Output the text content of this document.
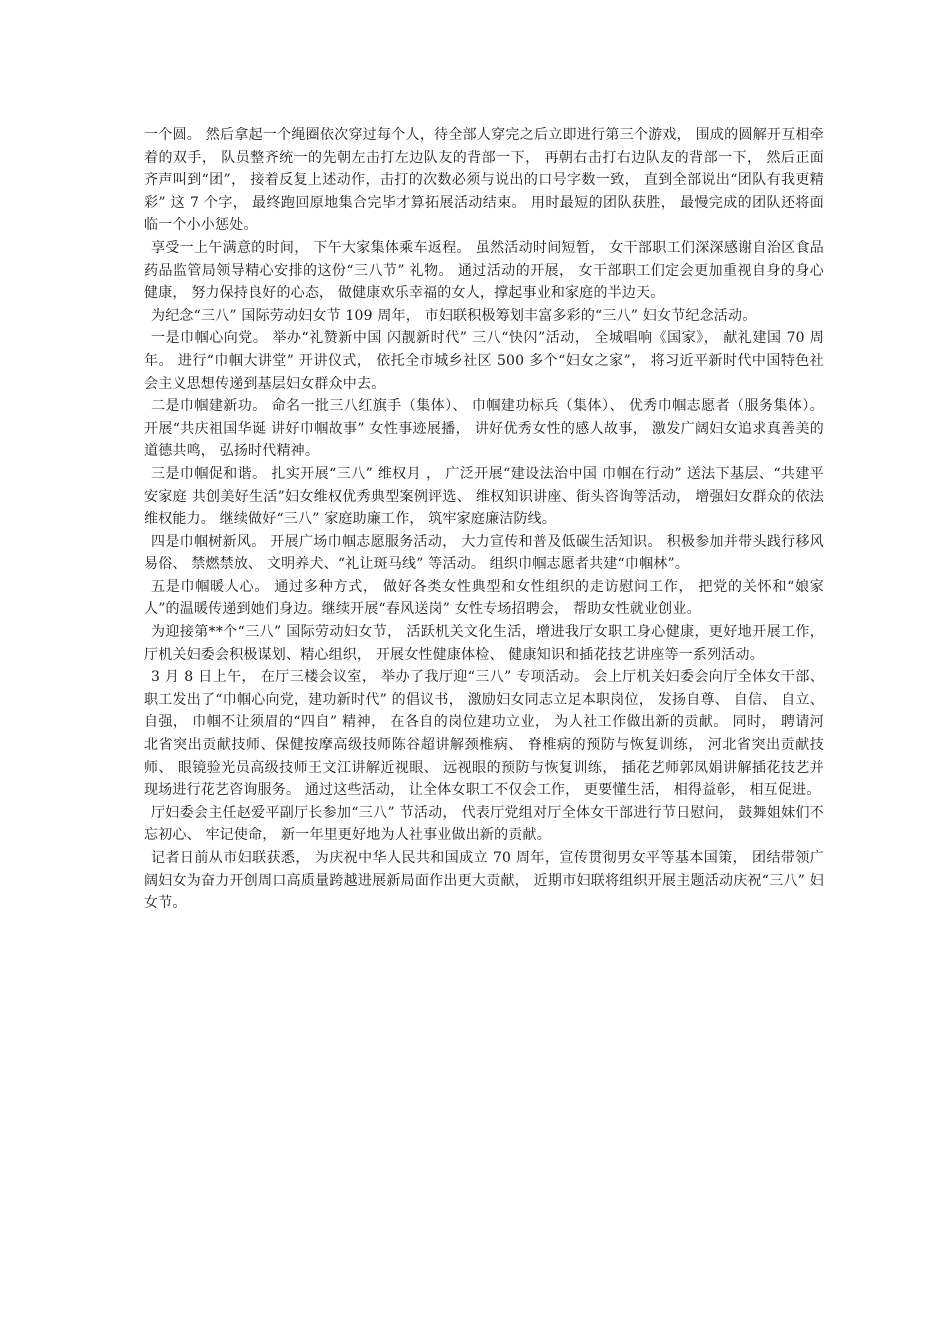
一个圆。 然后拿起一个绳圈依次穿过每个人，待全部人穿完之后立即进行第三个游戏， 围成的圆解开互相牵着的双手， 队员整齐统一的先朝左击打左边队友的背部一下， 再朝右击打右边队友的背部一下， 然后正面齐声叫到“团”， 接着反复上述动作，击打的次数必须与说出的口号字数一致， 直到全部说出“团队有我更精彩” 这 7 个字， 最终跑回原地集合完毕才算拓展活动结束。 用时最短的团队获胜， 最慢完成的团队还将面临一个小小惩处。

享受一上午满意的时间， 下午大家集体乘车返程。 虽然活动时间短暂， 女干部职工们深深感谢自治区食品药品监管局领导精心安排的这份“三八节” 礼物。 通过活动的开展， 女干部职工们定会更加重视自身的身心健康， 努力保持良好的心态， 做健康欢乐幸福的女人，撑起事业和家庭的半边天。

为纪念“三八” 国际劳动妇女节 109 周年， 市妇联积极筹划丰富多彩的“三八” 妇女节纪念活动。

一是巾帼心向党。 举办“礼赞新中国 闪靓新时代” 三八“快闪”活动， 全城唱响《国家》， 献礼建国 70 周年。 进行“巾帼大讲堂” 开讲仪式， 依托全市城乡社区 500 多个“妇女之家”， 将习近平新时代中国特色社会主义思想传递到基层妇女群众中去。

二是巾帼建新功。 命名一批三八红旗手（集体）、 巾帼建功标兵（集体）、 优秀巾帼志愿者（服务集体）。 开展“共庆祖国华诞 讲好巾帼故事” 女性事迹展播， 讲好优秀女性的感人故事， 激发广阔妇女追求真善美的道德共鸣， 弘扬时代精神。

三是巾帼促和谐。 扎实开展“三八” 维权月 ， 广泛开展“建设法治中国 巾帼在行动” 送法下基层、“共建平安家庭 共创美好生活”妇女维权优秀典型案例评选、 维权知识讲座、街头咨询等活动， 增强妇女群众的依法维权能力。 继续做好“三八” 家庭助廉工作， 筑牢家庭廉洁防线。

四是巾帼树新风。 开展广场巾帼志愿服务活动， 大力宣传和普及低碳生活知识。 积极参加并带头践行移风易俗、 禁燃禁放、 文明养犬、“礼让斑马线” 等活动。 组织巾帼志愿者共建“巾帼林”。

五是巾帼暖人心。 通过多种方式， 做好各类女性典型和女性组织的走访慰问工作， 把党的关怀和“娘家人”的温暖传递到她们身边。继续开展“春风送岗” 女性专场招聘会， 帮助女性就业创业。

为迎接第**个“三八” 国际劳动妇女节， 活跃机关文化生活，增进我厅女职工身心健康，更好地开展工作， 厅机关妇委会积极谋划、精心组织， 开展女性健康体检、 健康知识和插花技艺讲座等一系列活动。

3 月 8 日上午， 在厅三楼会议室， 举办了我厅迎“三八” 专项活动。 会上厅机关妇委会向厅全体女干部、 职工发出了“巾帼心向党，建功新时代” 的倡议书， 激励妇女同志立足本职岗位， 发扬自尊、 自信、 自立、 自强， 巾帼不让须眉的“四自” 精神， 在各自的岗位建功立业， 为人社工作做出新的贡献。 同时， 聘请河北省突出贡献技师、保健按摩高级技师陈谷超讲解颈椎病、 脊椎病的预防与恢复训练， 河北省突出贡献技师、 眼镜验光员高级技师王文江讲解近视眼、 远视眼的预防与恢复训练， 插花艺师郭凤娟讲解插花技艺并现场进行花艺咨询服务。 通过这些活动， 让全体女职工不仅会工作， 更要懂生活， 相得益彰， 相互促进。

厅妇委会主任赵爱平副厅长参加“三八” 节活动， 代表厅党组对厅全体女干部进行节日慰问， 鼓舞姐妹们不忘初心、 牢记使命， 新一年里更好地为人社事业做出新的贡献。

记者日前从市妇联获悉， 为庆祝中华人民共和国成立 70 周年，宣传贯彻男女平等基本国策， 团结带领广阔妇女为奋力开创周口高质量跨越进展新局面作出更大贡献， 近期市妇联将组织开展主题活动庆祝“三八” 妇女节。
